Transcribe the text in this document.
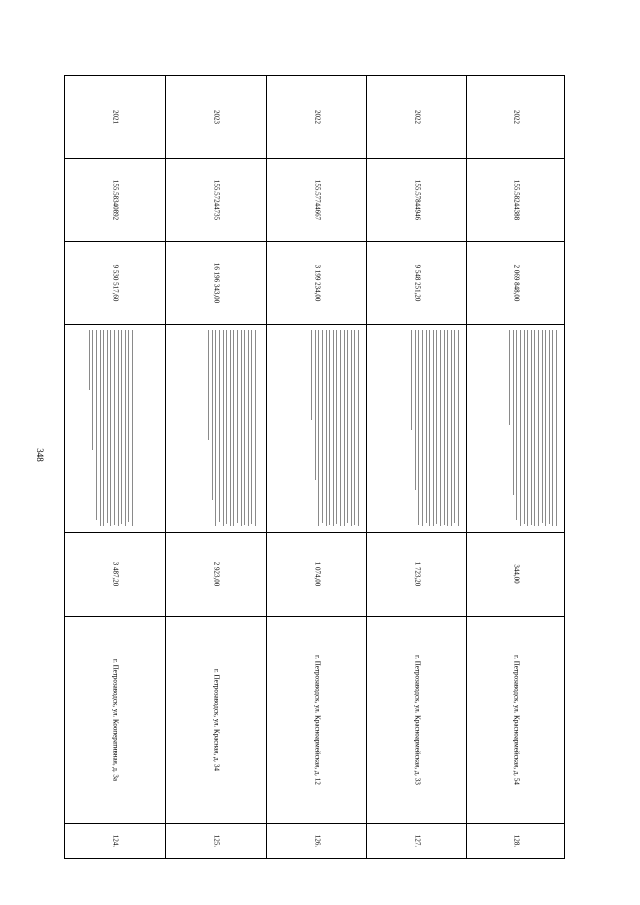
348
2021
155.58340892
9 530 517,60
3 487,20
г. Петрозаводск, ул. Кооперативная, д. 3а
124.
2023
155.57244735
16 196 343,00
2 923,00
г. Петрозаводск, ул. Красная, д. 34
125.
2022
155.57744667
3 199 234,00
1 074,00
г. Петрозаводск, ул. Красноармейская, д. 12
126.
2022
155.57844946
9 548 251,20
1 723,20
г. Петрозаводск, ул. Красноармейская, д. 33
127.
2022
155.58244388
2 069 848,00
344,00
г. Петрозаводск, ул. Красноармейская, д. 54
128.
